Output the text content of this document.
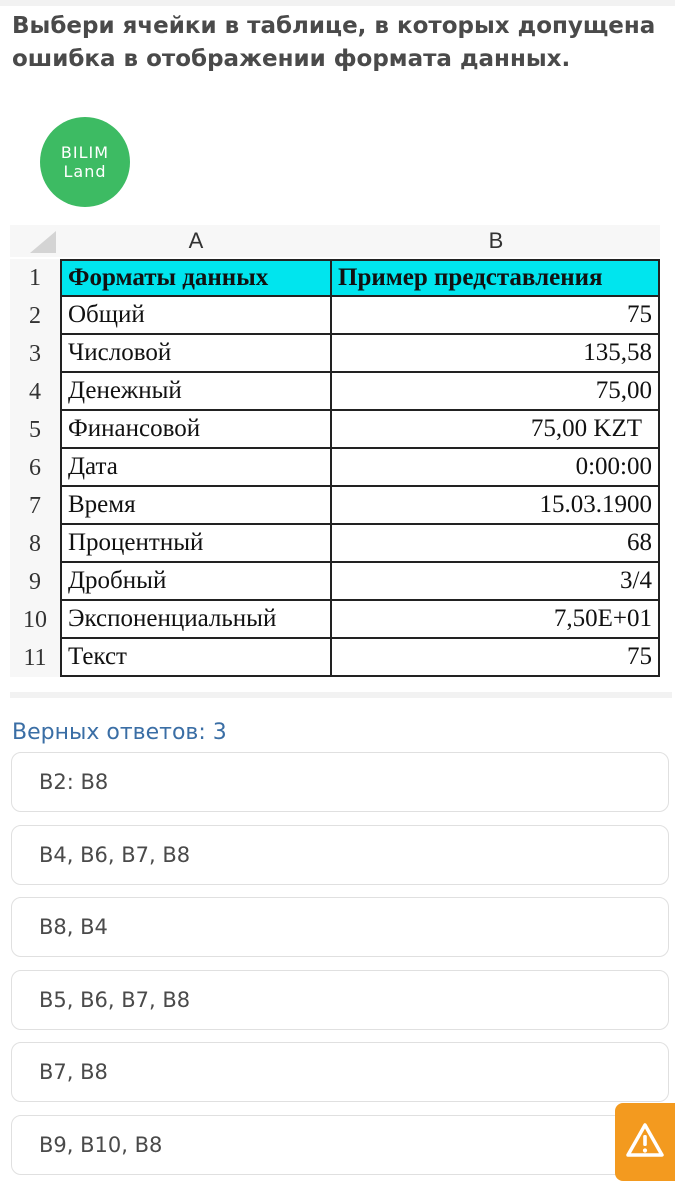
Выбери ячейки в таблице, в которых допущена ошибка в отображении формата данных.
BILIM
Land
A	B
1	Форматы данных	Пример представления
2	Общий	75
3	Числовой	135,58
4	Денежный	75,00
5	Финансовой	75,00 KZT
6	Дата	0:00:00
7	Время	15.03.1900
8	Процентный	68
9	Дробный	3/4
10 Экспоненциальный	7,50E+01
11 Текст	75
Верных ответов: 3
B2: B8
B4, B6, B7, B8
B8, B4
B5, B6, B7, B8
B7, B8
B9, B10, B8
